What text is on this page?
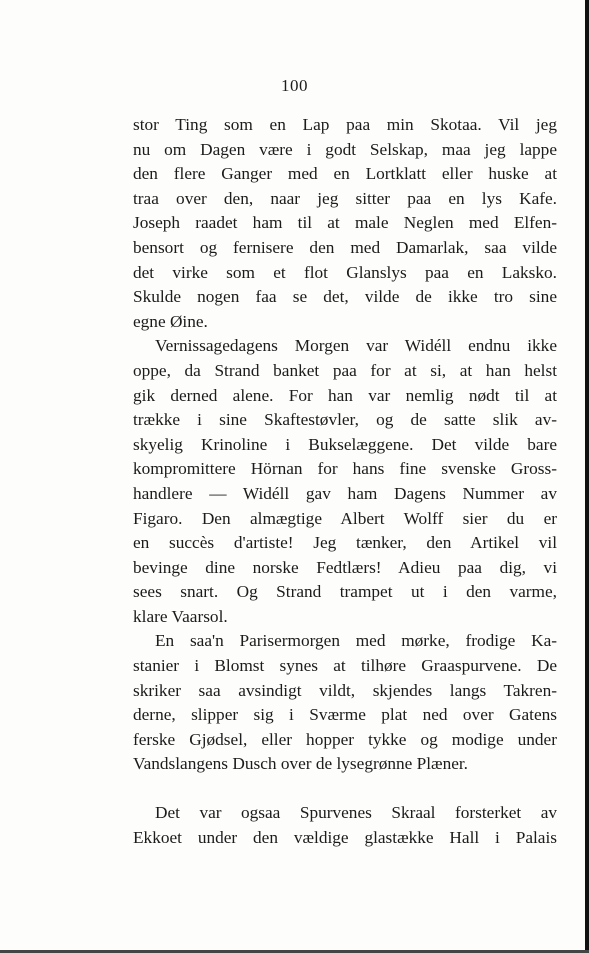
100
stor Ting som en Lap paa min Skotaa. Vil jeg
nu om Dagen være i godt Selskap, maa jeg lappe
den flere Ganger med en Lortklatt eller huske at
traa over den, naar jeg sitter paa en lys Kafe.
Joseph raadet ham til at male Neglen med Elfen-
bensort og fernisere den med Damarlak, saa vilde
det virke som et flot Glanslys paa en Laksko.
Skulde nogen faa se det, vilde de ikke tro sine
egne Øine.
Vernissagedagens Morgen var Widéll endnu ikke
oppe, da Strand banket paa for at si, at han helst
gik derned alene. For han var nemlig nødt til at
trække i sine Skaftestøvler, og de satte slik av-
skyelig Krinoline i Bukselæggene. Det vilde bare
kompromittere Hörnan for hans fine svenske Gross-
handlere — Widéll gav ham Dagens Nummer av
Figaro. Den almægtige Albert Wolff sier du er
en succès d'artiste! Jeg tænker, den Artikel vil
bevinge dine norske Fedtlærs! Adieu paa dig, vi
sees snart. Og Strand trampet ut i den varme,
klare Vaarsol.
En saa'n Parisermorgen med mørke, frodige Ka-
stanier i Blomst synes at tilhøre Graaspurvene. De
skriker saa avsindigt vildt, skjendes langs Takren-
derne, slipper sig i Sværme plat ned over Gatens
ferske Gjødsel, eller hopper tykke og modige under
Vandslangens Dusch over de lysegrønne Plæner.
Det var ogsaa Spurvenes Skraal forsterket av
Ekkoet under den vældige glastække Hall i Palais
